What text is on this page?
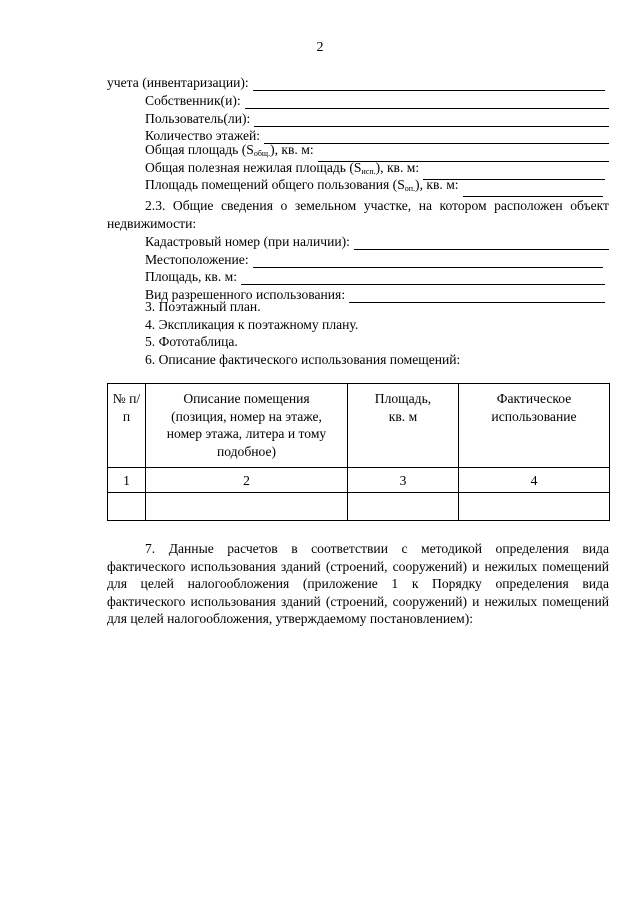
2
учета (инвентаризации):
Собственник(и):
Пользователь(ли):
Количество этажей:
Общая площадь $(S_{общ.})$, кв. м:
Общая полезная нежилая площадь $(S_{исп.})$, кв. м:
Площадь помещений общего пользования $(S_{оп.})$, кв. м:
2.3. Общие сведения о земельном участке, на котором расположен объект недвижимости:
Кадастровый номер (при наличии):
Местоположение:
Площадь, кв. м:
Вид разрешенного использования:
3. Поэтажный план.
4. Экспликация к поэтажному плану.
5. Фототаблица.
6. Описание фактического использования помещений:
№ п/п	Описание помещения (позиция, номер на этаже, номер этажа, литера и тому подобное)	Площадь, кв. м	Фактическое использование
1	2	3	4

7. Данные расчетов в соответствии с методикой определения вида фактического использования зданий (строений, сооружений) и нежилых помещений для целей налогообложения (приложение 1 к Порядку определения вида фактического использования зданий (строений, сооружений) и нежилых помещений для целей налогообложения, утверждаемому постановлением):
